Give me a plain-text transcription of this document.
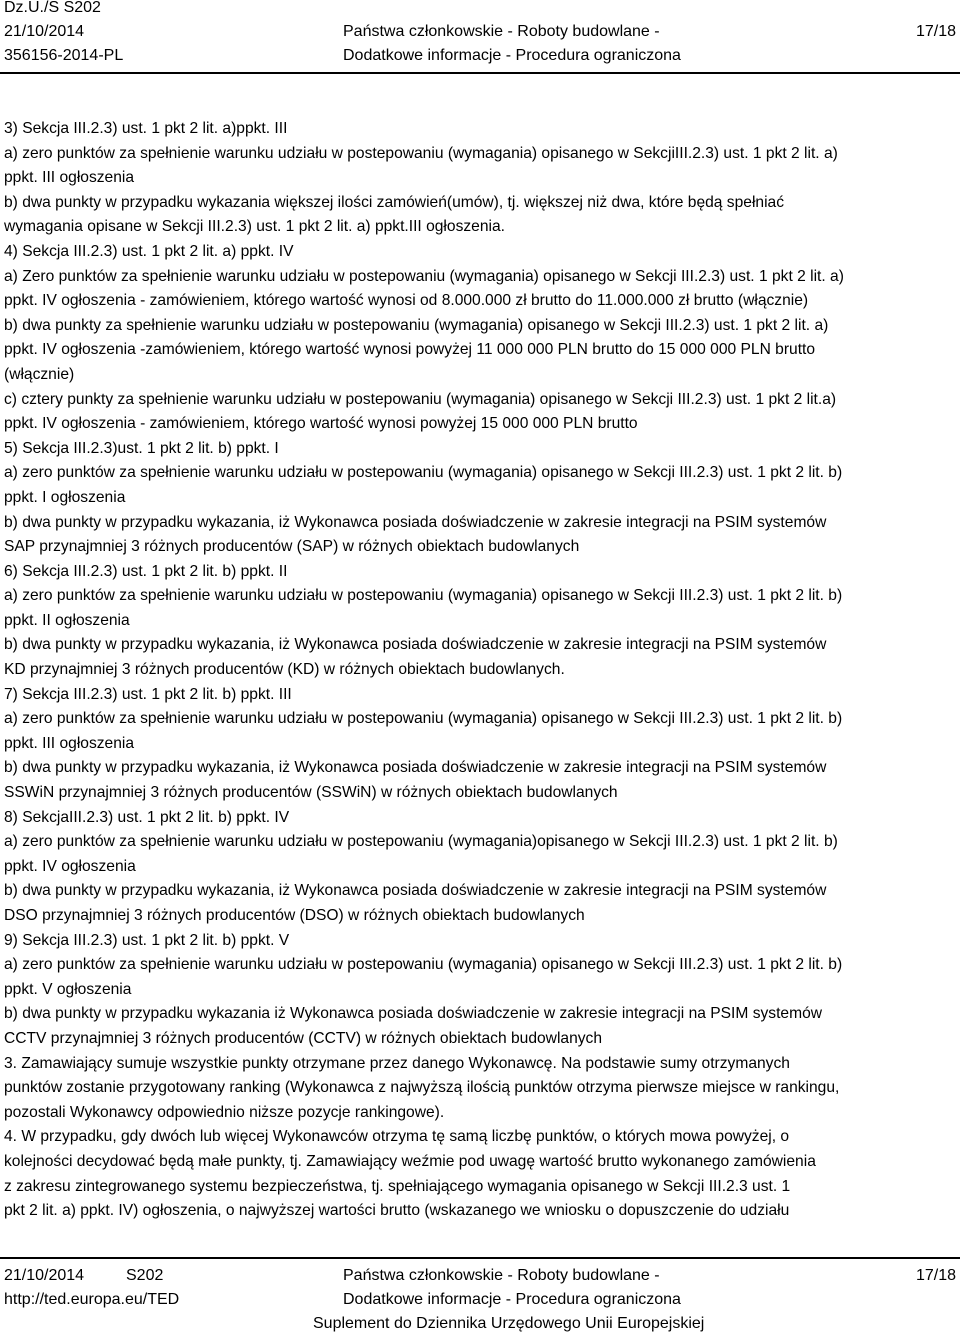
Dz.U./S S202
21/10/2014
356156-2014-PL
Państwa członkowskie - Roboty budowlane -
Dodatkowe informacje - Procedura ograniczona
17/18
3) Sekcja III.2.3) ust. 1 pkt 2 lit. a)ppkt. III
a) zero punktów za spełnienie warunku udziału w postepowaniu (wymagania) opisanego w SekcjiIII.2.3) ust. 1 pkt 2 lit. a)
ppkt. III ogłoszenia
b) dwa punkty w przypadku wykazania większej ilości zamówień(umów), tj. większej niż dwa, które będą spełniać
wymagania opisane w Sekcji III.2.3) ust. 1 pkt 2 lit. a) ppkt.III ogłoszenia.
4) Sekcja III.2.3) ust. 1 pkt 2 lit. a) ppkt. IV
a) Zero punktów za spełnienie warunku udziału w postepowaniu (wymagania) opisanego w Sekcji III.2.3) ust. 1 pkt 2 lit. a)
ppkt. IV ogłoszenia - zamówieniem, którego wartość wynosi od 8.000.000 zł brutto do 11.000.000 zł brutto (włącznie)
b) dwa punkty za spełnienie warunku udziału w postepowaniu (wymagania) opisanego w Sekcji III.2.3) ust. 1 pkt 2 lit. a)
ppkt. IV ogłoszenia -zamówieniem, którego wartość wynosi powyżej 11 000 000 PLN brutto do 15 000 000 PLN brutto
(włącznie)
c) cztery punkty za spełnienie warunku udziału w postepowaniu (wymagania) opisanego w Sekcji III.2.3) ust. 1 pkt 2 lit.a)
ppkt. IV ogłoszenia - zamówieniem, którego wartość wynosi powyżej 15 000 000 PLN brutto
5) Sekcja III.2.3)ust. 1 pkt 2 lit. b) ppkt. I
a) zero punktów za spełnienie warunku udziału w postepowaniu (wymagania) opisanego w Sekcji III.2.3) ust. 1 pkt 2 lit. b)
ppkt. I ogłoszenia
b) dwa punkty w przypadku wykazania, iż Wykonawca posiada doświadczenie w zakresie integracji na PSIM systemów
SAP przynajmniej 3 różnych producentów (SAP) w różnych obiektach budowlanych
6) Sekcja III.2.3) ust. 1 pkt 2 lit. b) ppkt. II
a) zero punktów za spełnienie warunku udziału w postepowaniu (wymagania) opisanego w Sekcji III.2.3) ust. 1 pkt 2 lit. b)
ppkt. II ogłoszenia
b) dwa punkty w przypadku wykazania, iż Wykonawca posiada doświadczenie w zakresie integracji na PSIM systemów
KD przynajmniej 3 różnych producentów (KD) w różnych obiektach budowlanych.
7) Sekcja III.2.3) ust. 1 pkt 2 lit. b) ppkt. III
a) zero punktów za spełnienie warunku udziału w postepowaniu (wymagania) opisanego w Sekcji III.2.3) ust. 1 pkt 2 lit. b)
ppkt. III ogłoszenia
b) dwa punkty w przypadku wykazania, iż Wykonawca posiada doświadczenie w zakresie integracji na PSIM systemów
SSWiN przynajmniej 3 różnych producentów (SSWiN) w różnych obiektach budowlanych
8) SekcjaIII.2.3) ust. 1 pkt 2 lit. b) ppkt. IV
a) zero punktów za spełnienie warunku udziału w postepowaniu (wymagania)opisanego w Sekcji III.2.3) ust. 1 pkt 2 lit. b)
ppkt. IV ogłoszenia
b) dwa punkty w przypadku wykazania, iż Wykonawca posiada doświadczenie w zakresie integracji na PSIM systemów
DSO przynajmniej 3 różnych producentów (DSO) w różnych obiektach budowlanych
9) Sekcja III.2.3) ust. 1 pkt 2 lit. b) ppkt. V
a) zero punktów za spełnienie warunku udziału w postepowaniu (wymagania) opisanego w Sekcji III.2.3) ust. 1 pkt 2 lit. b)
ppkt. V ogłoszenia
b) dwa punkty w przypadku wykazania iż Wykonawca posiada doświadczenie w zakresie integracji na PSIM systemów
CCTV przynajmniej 3 różnych producentów (CCTV) w różnych obiektach budowlanych
3. Zamawiający sumuje wszystkie punkty otrzymane przez danego Wykonawcę. Na podstawie sumy otrzymanych
punktów zostanie przygotowany ranking (Wykonawca z najwyższą ilością punktów otrzyma pierwsze miejsce w rankingu,
pozostali Wykonawcy odpowiednio niższe pozycje rankingowe).
4. W przypadku, gdy dwóch lub więcej Wykonawców otrzyma tę samą liczbę punktów, o których mowa powyżej, o
kolejności decydować będą małe punkty, tj. Zamawiający weźmie pod uwagę wartość brutto wykonanego zamówienia
z zakresu zintegrowanego systemu bezpieczeństwa, tj. spełniającego wymagania opisanego w Sekcji III.2.3 ust. 1
pkt 2 lit. a) ppkt. IV) ogłoszenia, o najwyższej wartości brutto (wskazanego we wniosku o dopuszczenie do udziału
21/10/2014	S202
http://ted.europa.eu/TED
Państwa członkowskie - Roboty budowlane -
Dodatkowe informacje - Procedura ograniczona
Suplement do Dziennika Urzędowego Unii Europejskiej
17/18
